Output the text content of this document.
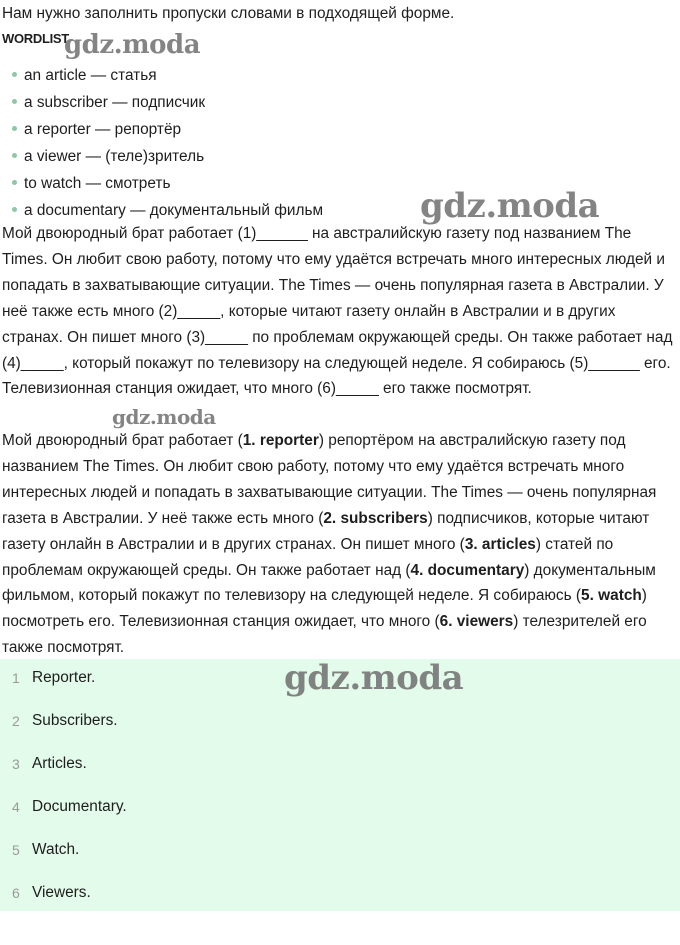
Нам нужно заполнить пропуски словами в подходящей форме.
WORDLIST
an article — статья
a subscriber — подписчик
a reporter — репортёр
a viewer — (теле)зритель
to watch — смотреть
a documentary — документальный фильм

Мой двоюродный брат работает (1)______ на австралийскую газету под названием The Times. Он любит свою работу, потому что ему удаётся встречать много интересных людей и попадать в захватывающие ситуации. The Times — очень популярная газета в Австралии. У неё также есть много (2)_____, которые читают газету онлайн в Австралии и в других странах. Он пишет много (3)_____ по проблемам окружающей среды. Он также работает над (4)_____, который покажут по телевизору на следующей неделе. Я собираюсь (5)______ его. Телевизионная станция ожидает, что много (6)_____ его также посмотрят.

Мой двоюродный брат работает (1. reporter) репортёром на австралийскую газету под названием The Times. Он любит свою работу, потому что ему удаётся встречать много интересных людей и попадать в захватывающие ситуации. The Times — очень популярная газета в Австралии. У неё также есть много (2. subscribers) подписчиков, которые читают газету онлайн в Австралии и в других странах. Он пишет много (3. articles) статей по проблемам окружающей среды. Он также работает над (4. documentary) документальным фильмом, который покажут по телевизору на следующей неделе. Я собираюсь (5. watch) посмотреть его. Телевизионная станция ожидает, что много (6. viewers) телезрителей его также посмотрят.

1 Reporter.
2 Subscribers.
3 Articles.
4 Documentary.
5 Watch.
6 Viewers.
gdz.moda
gdz.moda
gdz.moda
gdz.moda
